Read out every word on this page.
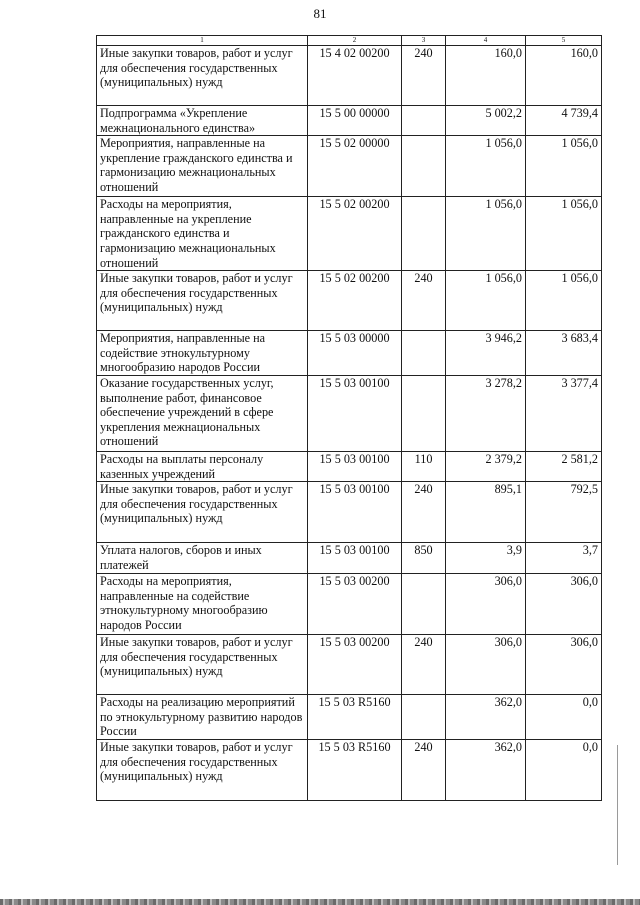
81
1	2	3	4	5
Иные закупки товаров, работ и услуг для обеспечения государственных (муниципальных) нужд	15 4 02 00200	240	160,0	160,0
Подпрограмма «Укрепление межнационального единства»	15 5 00 00000		5 002,2	4 739,4
Мероприятия, направленные на укрепление гражданского единства и гармонизацию межнациональных отношений	15 5 02 00000		1 056,0	1 056,0
Расходы на мероприятия, направленные на укрепление гражданского единства и гармонизацию межнациональных отношений	15 5 02 00200		1 056,0	1 056,0
Иные закупки товаров, работ и услуг для обеспечения государственных (муниципальных) нужд	15 5 02 00200	240	1 056,0	1 056,0
Мероприятия, направленные на содействие этнокультурному многообразию народов России	15 5 03 00000		3 946,2	3 683,4
Оказание государственных услуг, выполнение работ, финансовое обеспечение учреждений в сфере укрепления межнациональных отношений	15 5 03 00100		3 278,2	3 377,4
Расходы на выплаты персоналу казенных учреждений	15 5 03 00100	110	2 379,2	2 581,2
Иные закупки товаров, работ и услуг для обеспечения государственных (муниципальных) нужд	15 5 03 00100	240	895,1	792,5
Уплата налогов, сборов и иных платежей	15 5 03 00100	850	3,9	3,7
Расходы на мероприятия, направленные на содействие этнокультурному многообразию народов России	15 5 03 00200		306,0	306,0
Иные закупки товаров, работ и услуг для обеспечения государственных (муниципальных) нужд	15 5 03 00200	240	306,0	306,0
Расходы на реализацию мероприятий по этнокультурному развитию народов России	15 5 03 R5160		362,0	0,0
Иные закупки товаров, работ и услуг для обеспечения государственных (муниципальных) нужд	15 5 03 R5160	240	362,0	0,0
